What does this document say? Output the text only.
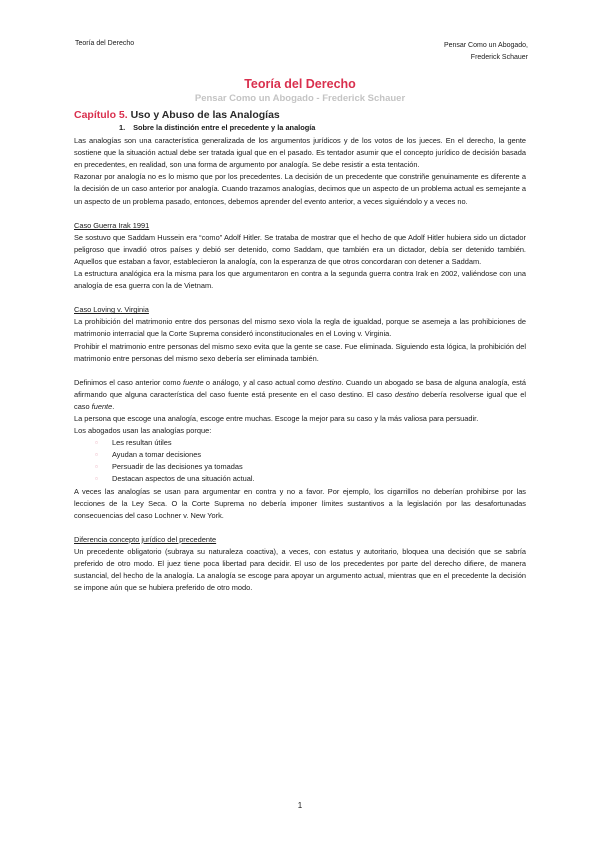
Teoría del Derecho	Pensar Como un Abogado,
Frederick Schauer
Teoría del Derecho
Pensar Como un Abogado - Frederick Schauer
Capítulo 5. Uso y Abuso de las Analogías
1. Sobre la distinción entre el precedente y la analogía

Las analogías son una característica generalizada de los argumentos jurídicos y de los votos de los jueces. En el derecho, la gente sostiene que la situación actual debe ser tratada igual que en el pasado. Es tentador asumir que el concepto jurídico de decisión basada en precedentes, en realidad, son una forma de argumento por analogía. Se debe resistir a esta tentación.

Razonar por analogía no es lo mismo que por los precedentes. La decisión de un precedente que constriñe genuinamente es diferente a la decisión de un caso anterior por analogía. Cuando trazamos analogías, decimos que un aspecto de un problema actual es semejante a un aspecto de un problema pasado, entonces, debemos aprender del evento anterior, a veces siguiéndolo y a veces no.

Caso Guerra Irak 1991

Se sostuvo que Saddam Hussein era “como” Adolf Hitler. Se trataba de mostrar que el hecho de que Adolf Hitler hubiera sido un dictador peligroso que invadió otros países y debió ser detenido, como Saddam, que también era un dictador, debía ser detenido también. Aquellos que estaban a favor, establecieron la analogía, con la esperanza de que otros concordaran con detener a Saddam.

La estructura analógica era la misma para los que argumentaron en contra a la segunda guerra contra Irak en 2002, valiéndose con una analogía de esa guerra con la de Vietnam.

Caso Loving v. Virginia

La prohibición del matrimonio entre dos personas del mismo sexo viola la regla de igualdad, porque se asemeja a las prohibiciones de matrimonio interracial que la Corte Suprema consideró inconstitucionales en el Loving v. Virginia.

Prohibir el matrimonio entre personas del mismo sexo evita que la gente se case. Fue eliminada. Siguiendo esta lógica, la prohibición del matrimonio entre personas del mismo sexo debería ser eliminada también.

Definimos el caso anterior como fuente o análogo, y al caso actual como destino. Cuando un abogado se basa de alguna analogía, está afirmando que alguna característica del caso fuente está presente en el caso destino. El caso destino debería resolverse igual que el caso fuente.

La persona que escoge una analogía, escoge entre muchas. Escoge la mejor para su caso y la más valiosa para persuadir.

Los abogados usan las analogías porque:

▫ Les resultan útiles
▫ Ayudan a tomar decisiones
▫ Persuadir de las decisiones ya tomadas
▫ Destacan aspectos de una situación actual.

A veces las analogías se usan para argumentar en contra y no a favor. Por ejemplo, los cigarrillos no deberían prohibirse por las lecciones de la Ley Seca. O la Corte Suprema no debería imponer límites sustantivos a la legislación por las desafortunadas consecuencias del caso Lochner v. New York.

Diferencia concepto jurídico del precedente

Un precedente obligatorio (subraya su naturaleza coactiva), a veces, con estatus y autoritario, bloquea una decisión que se sabría preferido de otro modo. El juez tiene poca libertad para decidir. El uso de los precedentes por parte del derecho difiere, de manera sustancial, del hecho de la analogía. La analogía se escoge para apoyar un argumento actual, mientras que en el precedente la decisión se impone aún que se hubiera preferido de otro modo.

1
